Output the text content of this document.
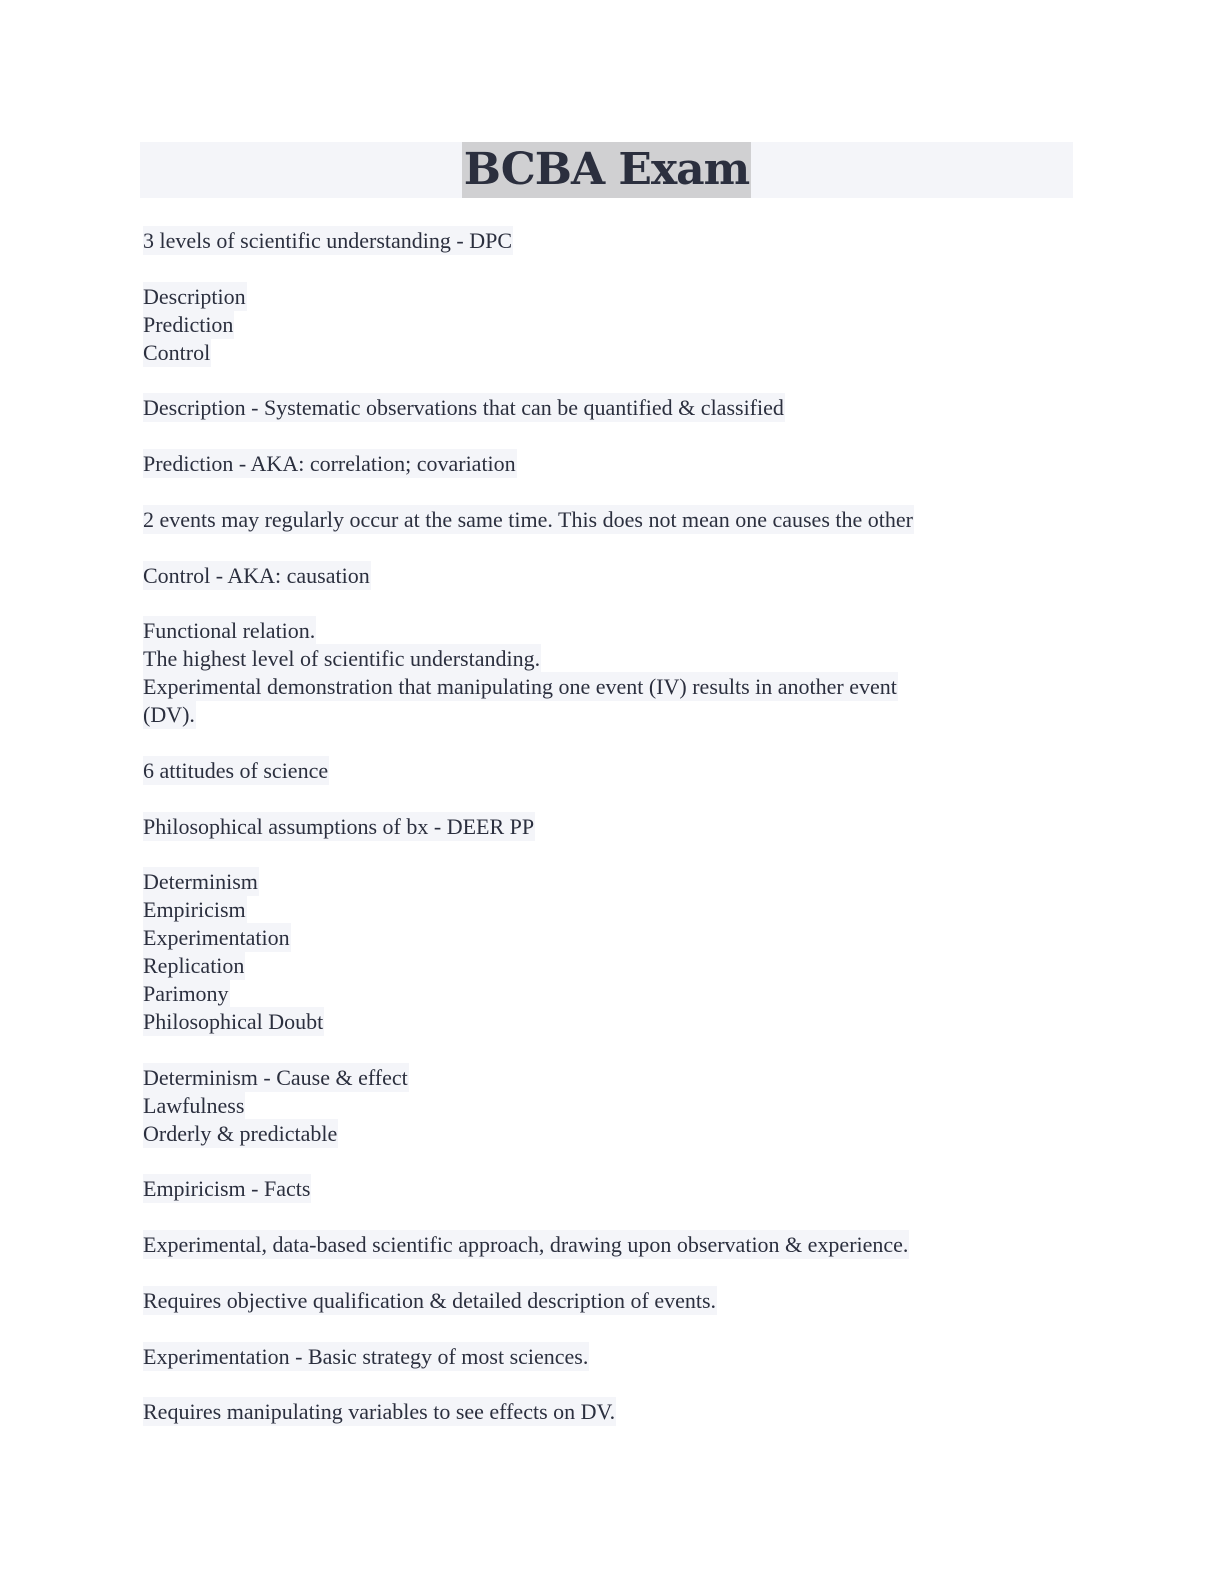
BCBA Exam
3 levels of scientific understanding - DPC
Description
Prediction
Control
Description - Systematic observations that can be quantified & classified
Prediction - AKA: correlation; covariation
2 events may regularly occur at the same time. This does not mean one causes the other
Control - AKA: causation
Functional relation.
The highest level of scientific understanding.
Experimental demonstration that manipulating one event (IV) results in another event
(DV).
6 attitudes of science
Philosophical assumptions of bx - DEER PP
Determinism
Empiricism
Experimentation
Replication
Parimony
Philosophical Doubt
Determinism - Cause & effect
Lawfulness
Orderly & predictable
Empiricism - Facts
Experimental, data-based scientific approach, drawing upon observation & experience.
Requires objective qualification & detailed description of events.
Experimentation - Basic strategy of most sciences.
Requires manipulating variables to see effects on DV.
